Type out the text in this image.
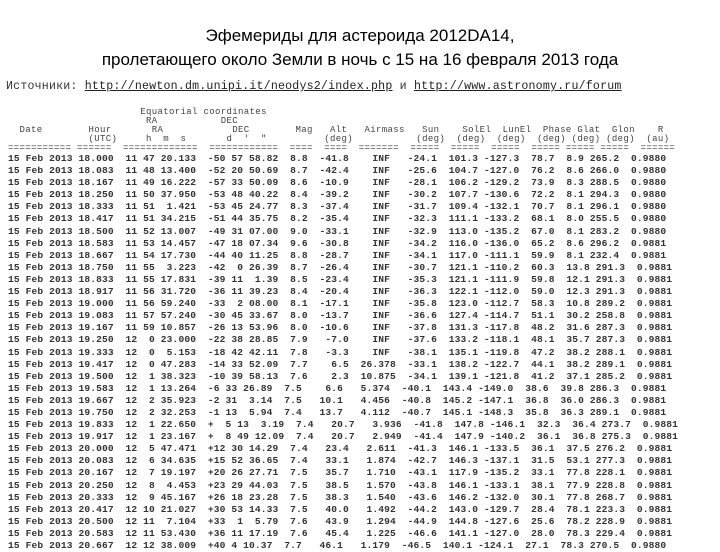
Эфемериды для астероида 2012DA14,
пролетающего около Земли в ночь с 15 на 16 февраля 2013 года
Источники: http://newton.dm.unipi.it/neodys2/index.php и http://www.astronomy.ru/forum
Equatorial coordinates
RA           DEC
Date        Hour       RA            DEC        Mag   Alt   Airmass   Sun    SolEl  LunEl  Phase Glat  Glon    R
(UTC)     h  m  s       d  '  "          (deg)           (deg)  (deg)  (deg)  (deg) (deg) (deg)  (au)
=========== ======  =============  ============  ====  ====  =======  =====  =====  =====  ===== ===== =====  ======
15 Feb 2013 18.000  11 47 20.133  -50 57 58.82  8.8  -41.8    INF   -24.1  101.3 -127.3  78.7  8.9 265.2  0.9880
15 Feb 2013 18.083  11 48 13.400  -52 20 50.69  8.7  -42.4    INF   -25.6  104.7 -127.0  76.2  8.6 266.0  0.9880
15 Feb 2013 18.167  11 49 16.222  -57 33 50.09  8.6  -10.9    INF   -28.1  106.2 -129.2  73.9  8.3 288.5  0.9880
15 Feb 2013 18.250  11 50 37.950  -53 48 40.22  8.4  -39.2    INF   -30.2  107.7 -130.6  72.2  8.1 294.3  0.9880
15 Feb 2013 18.333  11 51  1.421  -53 45 24.77  8.3  -37.4    INF   -31.7  109.4 -132.1  70.7  8.1 296.1  0.9880
15 Feb 2013 18.417  11 51 34.215  -51 44 35.75  8.2  -35.4    INF   -32.3  111.1 -133.2  68.1  8.0 255.5  0.9880
15 Feb 2013 18.500  11 52 13.007  -49 31 07.00  9.0  -33.1    INF   -32.9  113.0 -135.2  67.0  8.1 283.2  0.9880
15 Feb 2013 18.583  11 53 14.457  -47 18 07.34  9.6  -30.8    INF   -34.2  116.0 -136.0  65.2  8.6 296.2  0.9881
15 Feb 2013 18.667  11 54 17.730  -44 40 11.25  8.8  -28.7    INF   -34.1  117.0 -111.1  59.9  8.1 232.4  0.9881
15 Feb 2013 18.750  11 55  3.223  -42  0 26.39  8.7  -26.4    INF   -30.7  121.1 -110.2  60.3  13.8 291.3  0.9881
15 Feb 2013 18.833  11 55 17.831  -39 11  1.39  8.5  -23.4    INF   -35.3  121.1 -111.9  59.8  12.1 291.3  0.9881
15 Feb 2013 18.917  11 56 31.720  -36 11 39.23  8.4  -20.4    INF   -36.3  122.1 -112.0  59.0  12.3 291.3  0.9881
15 Feb 2013 19.000  11 56 59.240  -33  2 08.00  8.1  -17.1    INF   -35.8  123.0 -112.7  58.3  10.8 289.2  0.9881
15 Feb 2013 19.083  11 57 57.240  -30 45 33.67  8.0  -13.7    INF   -36.6  127.4 -114.7  51.1  30.2 258.8  0.9881
15 Feb 2013 19.167  11 59 10.857  -26 13 53.96  8.0  -10.6    INF   -37.8  131.3 -117.8  48.2  31.6 287.3  0.9881
15 Feb 2013 19.250  12  0 23.000  -22 38 28.85  7.9   -7.0    INF   -37.6  133.2 -118.1  48.1  35.7 287.3  0.9881
15 Feb 2013 19.333  12  0  5.153  -18 42 42.11  7.8   -3.3    INF   -38.1  135.1 -119.8  47.2  38.2 288.1  0.9881
15 Feb 2013 19.417  12  0 47.283  -14 33 52.09  7.7    6.5  26.378  -33.1  138.2 -122.7  44.1  38.2 289.1  0.9881
15 Feb 2013 19.500  12  1 38.323  -10 39 58.13  7.6    2.3  10.875  -34.1  139.1 -121.8  41.2  37.1 285.2  0.9881
15 Feb 2013 19.583  12  1 13.264  -6 33 26.89  7.5    6.6   5.374  -40.1  143.4 -149.0  38.6  39.8 286.3  0.9881
15 Feb 2013 19.667  12  2 35.923  -2 31  3.14  7.5   10.1   4.456  -40.8  145.2 -147.1  36.8  36.0 286.3  0.9881
15 Feb 2013 19.750  12  2 32.253  -1 13  5.94  7.4   13.7   4.112  -40.7  145.1 -148.3  35.8  36.3 289.1  0.9881
15 Feb 2013 19.833  12  1 22.650  +  5 13  3.19  7.4   20.7   3.936  -41.8  147.8 -146.1  32.3  36.4 273.7  0.9881
15 Feb 2013 19.917  12  1 23.167  +  8 49 12.09  7.4   20.7   2.949  -41.4  147.9 -140.2  36.1  36.8 275.3  0.9881
15 Feb 2013 20.000  12  5 47.471  +12 30 14.29  7.4   23.4   2.611  -41.3  146.1 -133.5  36.1  37.5 276.2  0.9881
15 Feb 2013 20.083  12  6 34.635  +15 52 36.65  7.4   33.1   1.874  -42.7  146.3 -137.1  31.5  53.1 277.3  0.9881
15 Feb 2013 20.167  12  7 19.197  +20 26 27.71  7.5   35.7   1.710  -43.1  117.9 -135.2  33.1  77.8 228.1  0.9881
15 Feb 2013 20.250  12  8  4.453  +23 29 44.03  7.5   38.5   1.570  -43.8  146.1 -133.1  38.1  77.9 228.8  0.9881
15 Feb 2013 20.333  12  9 45.167  +26 18 23.28  7.5   38.3   1.540  -43.6  146.2 -132.0  30.1  77.8 268.7  0.9881
15 Feb 2013 20.417  12 10 21.027  +30 53 14.33  7.5   40.0   1.492  -44.2  143.0 -129.7  28.4  78.1 223.3  0.9881
15 Feb 2013 20.500  12 11  7.104  +33  1  5.79  7.6   43.9   1.294  -44.9  144.8 -127.6  25.6  78.2 228.9  0.9881
15 Feb 2013 20.583  12 11 53.430  +36 11 17.19  7.6   45.4   1.225  -46.6  141.1 -127.0  28.0  78.3 229.4  0.9881
15 Feb 2013 20.667  12 12 38.009  +40 4 10.37  7.7   46.1   1.179  -46.5  140.1 -124.1  27.1  78.3 270.5  0.9880
